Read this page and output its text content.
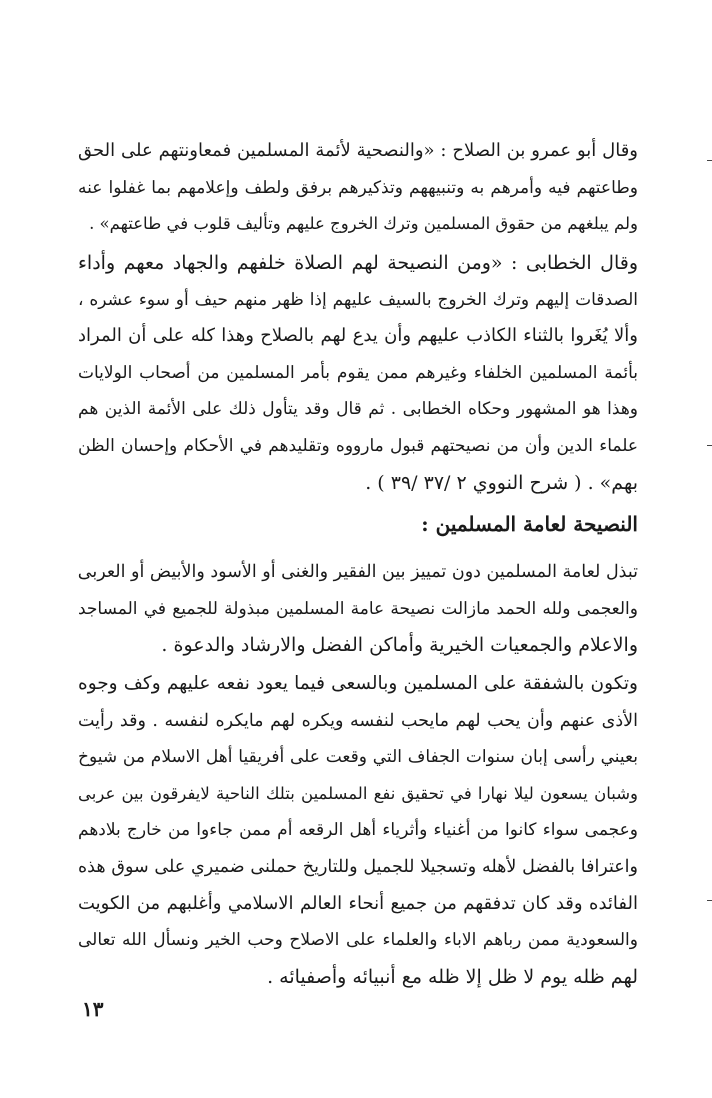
وقال أبو عمرو بن الصلاح : «والنصحية لأئمة المسلمين فمعاونتهم على الحق
وطاعتهم فيه وأمرهم به وتنبيههم وتذكيرهم برفق ولطف وإعلامهم بما غفلوا عنه
ولم يبلغهم من حقوق المسلمين وترك الخروج عليهم وتأليف قلوب في طاعتهم» .
وقال الخطابى : «ومن النصيحة لهم الصلاة خلفهم والجهاد معهم وأداء
الصدقات إليهم وترك الخروج بالسيف عليهم إذا ظهر منهم حيف أو سوء عشره ،
وألا يُغَروا بالثناء الكاذب عليهم وأن يدع لهم بالصلاح وهذا كله على أن المراد
بأئمة المسلمين الخلفاء وغيرهم ممن يقوم بأمر المسلمين من أصحاب الولايات
وهذا هو المشهور وحكاه الخطابى . ثم قال وقد يتأول ذلك على الأئمة الذين هم
علماء الدين وأن من نصيحتهم قبول مارووه وتقليدهم في الأحكام وإحسان الظن
بهم» . ( شرح النووي ٢ /٣٧ /٣٩ ) .
النصيحة لعامة المسلمين :
تبذل لعامة المسلمين دون تمييز بين الفقير والغنى أو الأسود والأبيض أو العربى
والعجمى ولله الحمد مازالت نصيحة عامة المسلمين مبذولة للجميع في المساجد
والاعلام والجمعيات الخيرية وأماكن الفضل والارشاد والدعوة .
وتكون بالشفقة على المسلمين وبالسعى فيما يعود نفعه عليهم وكف وجوه
الأذى عنهم وأن يحب لهم مايحب لنفسه ويكره لهم مايكره لنفسه . وقد رأيت
بعيني رأسى إبان سنوات الجفاف التي وقعت على أفريقيا أهل الاسلام من شيوخ
وشبان يسعون ليلا نهارا في تحقيق نفع المسلمين بتلك الناحية لايفرقون بين عربى
وعجمى سواء كانوا من أغنياء وأثرياء أهل الرقعه أم ممن جاءوا من خارج بلادهم
واعترافا بالفضل لأهله وتسجيلا للجميل وللتاريخ حملنى ضميري على سوق هذه
الفائده وقد كان تدفقهم من جميع أنحاء العالم الاسلامي وأغلبهم من الكويت
والسعودية ممن رباهم الاباء والعلماء على الاصلاح وحب الخير ونسأل الله تعالى
لهم ظله يوم لا ظل إلا ظله مع أنبيائه وأصفيائه .
١٣
